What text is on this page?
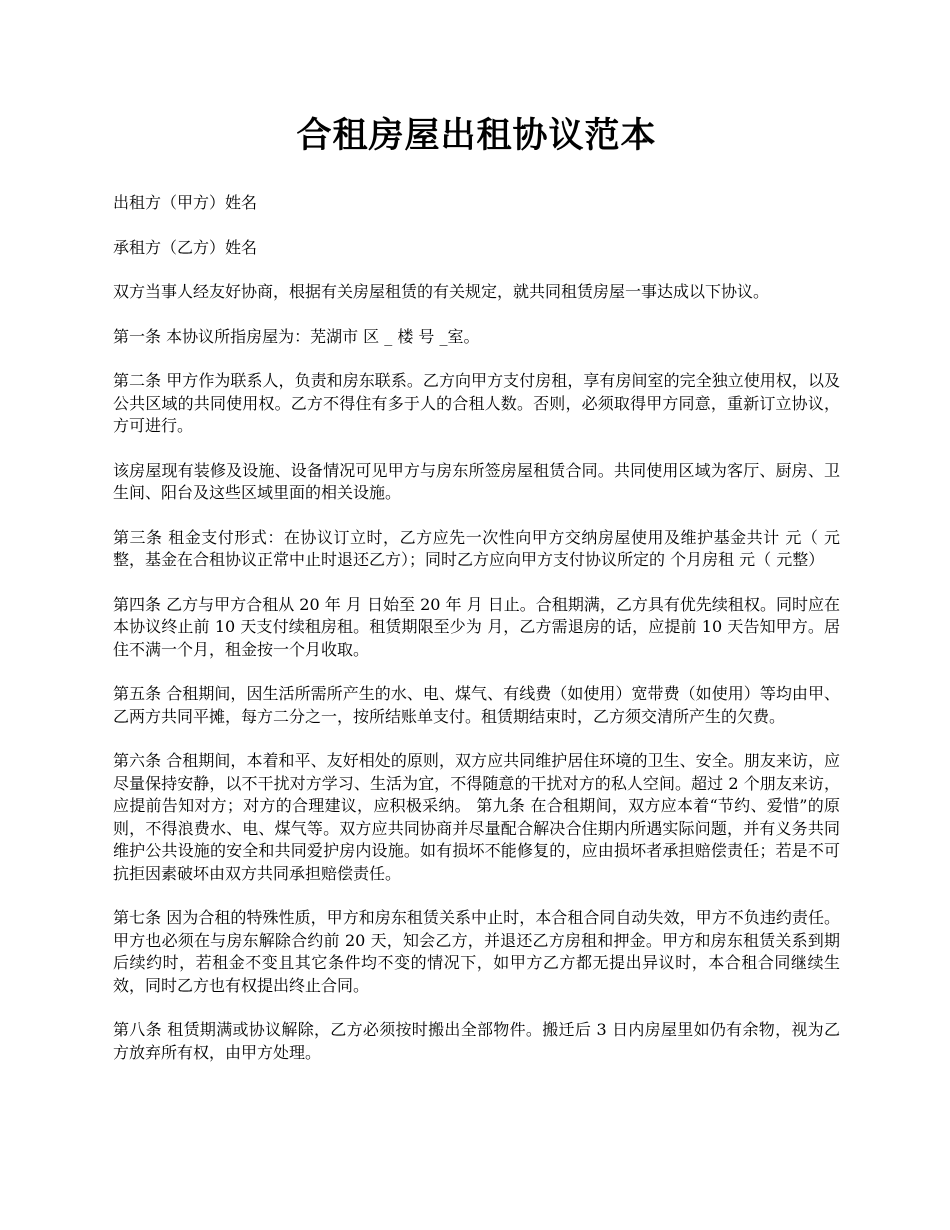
合租房屋出租协议范本

出租方（甲方）姓名

承租方（乙方）姓名

双方当事人经友好协商，根据有关房屋租赁的有关规定，就共同租赁房屋一事达成以下协议。

第一条 本协议所指房屋为：芜湖市 区 _ 楼 号 _室。

第二条 甲方作为联系人，负责和房东联系。乙方向甲方支付房租，享有房间室的完全独立使用权，以及公共区域的共同使用权。乙方不得住有多于人的合租人数。否则，必须取得甲方同意，重新订立协议，方可进行。

该房屋现有装修及设施、设备情况可见甲方与房东所签房屋租赁合同。共同使用区域为客厅、厨房、卫生间、阳台及这些区域里面的相关设施。

第三条 租金支付形式：在协议订立时，乙方应先一次性向甲方交纳房屋使用及维护基金共计 元（ 元整，基金在合租协议正常中止时退还乙方）；同时乙方应向甲方支付协议所定的 个月房租 元（ 元整）

第四条 乙方与甲方合租从 20 年 月 日始至 20 年 月 日止。合租期满，乙方具有优先续租权。同时应在本协议终止前 10 天支付续租房租。租赁期限至少为 月，乙方需退房的话，应提前 10 天告知甲方。居住不满一个月，租金按一个月收取。

第五条 合租期间，因生活所需所产生的水、电、煤气、有线费（如使用）宽带费（如使用）等均由甲、乙两方共同平摊，每方二分之一，按所结账单支付。租赁期结束时，乙方须交清所产生的欠费。

第六条 合租期间，本着和平、友好相处的原则，双方应共同维护居住环境的卫生、安全。朋友来访，应尽量保持安静，以不干扰对方学习、生活为宜，不得随意的干扰对方的私人空间。超过 2 个朋友来访，应提前告知对方；对方的合理建议，应积极采纳。 第九条 在合租期间，双方应本着“节约、爱惜”的原则，不得浪费水、电、煤气等。双方应共同协商并尽量配合解决合住期内所遇实际问题，并有义务共同维护公共设施的安全和共同爱护房内设施。如有损坏不能修复的，应由损坏者承担赔偿责任；若是不可抗拒因素破坏由双方共同承担赔偿责任。

第七条 因为合租的特殊性质，甲方和房东租赁关系中止时，本合租合同自动失效，甲方不负违约责任。甲方也必须在与房东解除合约前 20 天，知会乙方，并退还乙方房租和押金。甲方和房东租赁关系到期后续约时，若租金不变且其它条件均不变的情况下，如甲方乙方都无提出异议时，本合租合同继续生效，同时乙方也有权提出终止合同。

第八条 租赁期满或协议解除，乙方必须按时搬出全部物件。搬迁后 3 日内房屋里如仍有余物，视为乙方放弃所有权，由甲方处理。
